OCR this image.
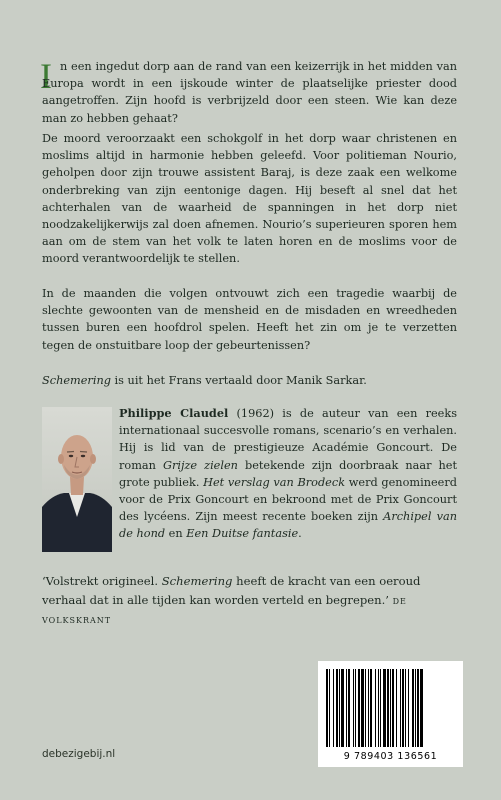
I n een ingedut dorp aan de rand van een keizerrijk in het midden van Europa wordt in een ijskoude winter de plaatselijke priester dood aangetroffen. Zijn hoofd is verbrijzeld door een steen. Wie kan deze man zo hebben gehaat?
De moord veroorzaakt een schokgolf in het dorp waar christenen en moslims altijd in harmonie hebben geleefd. Voor politieman Nourio, geholpen door zijn trouwe assistent Baraj, is deze zaak een welkome onderbreking van zijn eentonige dagen. Hij beseft al snel dat het achterhalen van de waarheid de spanningen in het dorp niet noodzakelijkerwijs zal doen afnemen. Nourio’s superieuren sporen hem aan om de stem van het volk te laten horen en de moslims voor de moord verantwoordelijk te stellen.
In de maanden die volgen ontvouwt zich een tragedie waarbij de slechte gewoonten van de mensheid en de misdaden en wreedheden tussen buren een hoofdrol spelen. Heeft het zin om je te verzetten tegen de onstuitbare loop der gebeurtenissen?
Schemering is uit het Frans vertaald door Manik Sarkar.
Philippe Claudel (1962) is de auteur van een reeks internationaal succesvolle romans, scenario’s en verhalen. Hij is lid van de prestigieuze Académie Goncourt. De roman Grijze zielen betekende zijn doorbraak naar het grote publiek. Het verslag van Brodeck werd genomineerd voor de Prix Goncourt en bekroond met de Prix Goncourt des lycéens. Zijn meest recente boeken zijn Archipel van de hond en Een Duitse fantasie.
‘Volstrekt origineel. Schemering heeft de kracht van een oeroud verhaal dat in alle tijden kan worden verteld en begrepen.’ de volkskrant
9 789403 136561
debezigebij.nl
